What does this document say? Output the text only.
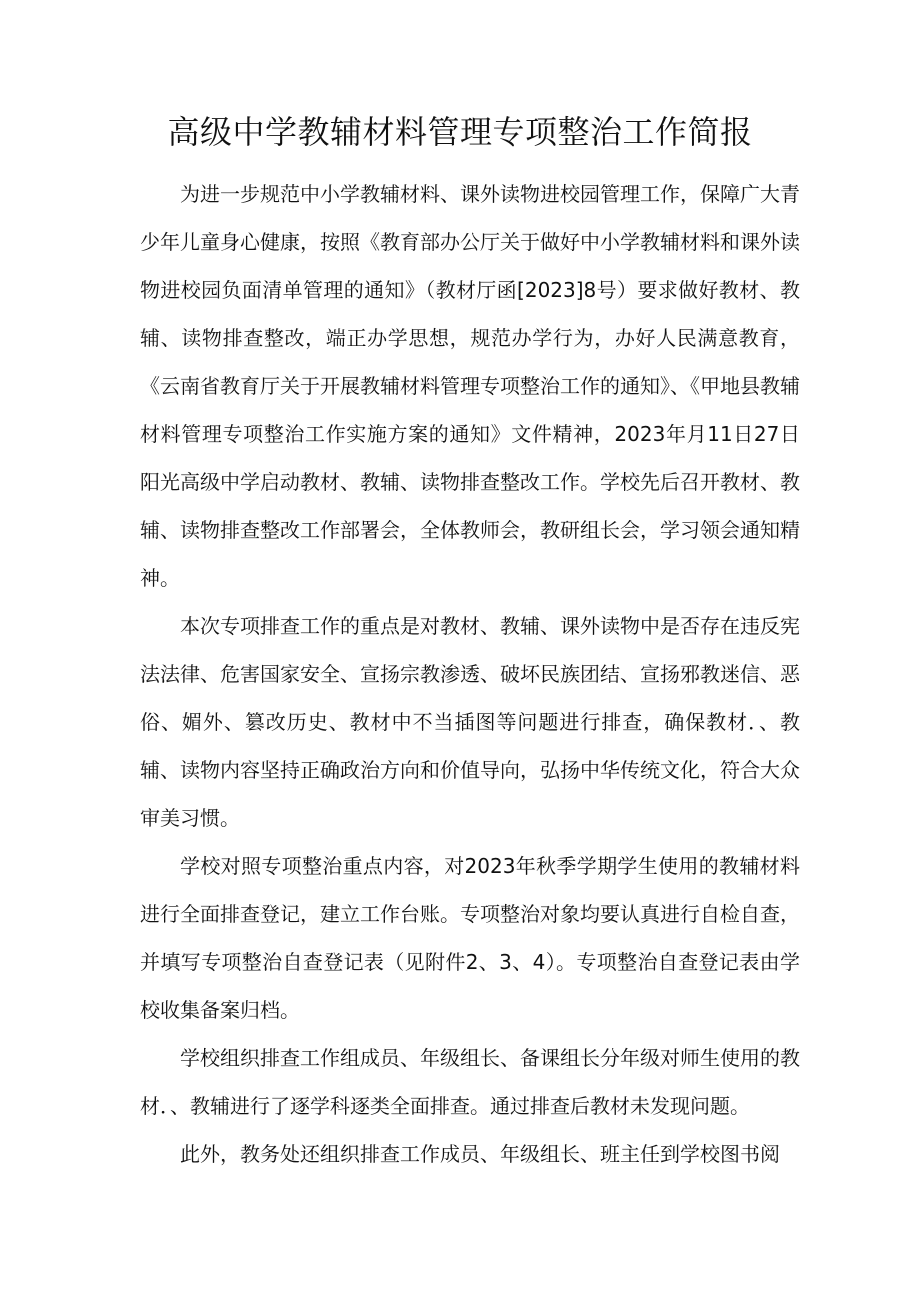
高级中学教辅材料管理专项整治工作简报

为进一步规范中小学教辅材料、课外读物进校园管理工作，保障广大青少年儿童身心健康，按照《教育部办公厅关于做好中小学教辅材料和课外读物进校园负面清单管理的通知》（教材厅函[2023]8号）要求做好教材、教辅、读物排查整改，端正办学思想，规范办学行为，办好人民满意教育，《云南省教育厅关于开展教辅材料管理专项整治工作的通知》、《甲地县教辅材料管理专项整治工作实施方案的通知》文件精神，2023年月11日27日阳光高级中学启动教材、教辅、读物排查整改工作。学校先后召开教材、教辅、读物排查整改工作部署会，全体教师会，教研组长会，学习领会通知精神。

本次专项排查工作的重点是对教材、教辅、课外读物中是否存在违反宪法法律、危害国家安全、宣扬宗教渗透、破坏民族团结、宣扬邪教迷信、恶俗、媚外、篡改历史、教材中不当插图等问题进行排查，确保教材．、教辅、读物内容坚持正确政治方向和价值导向，弘扬中华传统文化，符合大众审美习惯。

学校对照专项整治重点内容，对2023年秋季学期学生使用的教辅材料进行全面排查登记，建立工作台账。专项整治对象均要认真进行自检自查，并填写专项整治自查登记表（见附件2、3、4）。专项整治自查登记表由学校收集备案归档。

学校组织排查工作组成员、年级组长、备课组长分年级对师生使用的教材．、教辅进行了逐学科逐类全面排查。通过排查后教材未发现问题。

此外，教务处还组织排查工作成员、年级组长、班主任到学校图书阅
